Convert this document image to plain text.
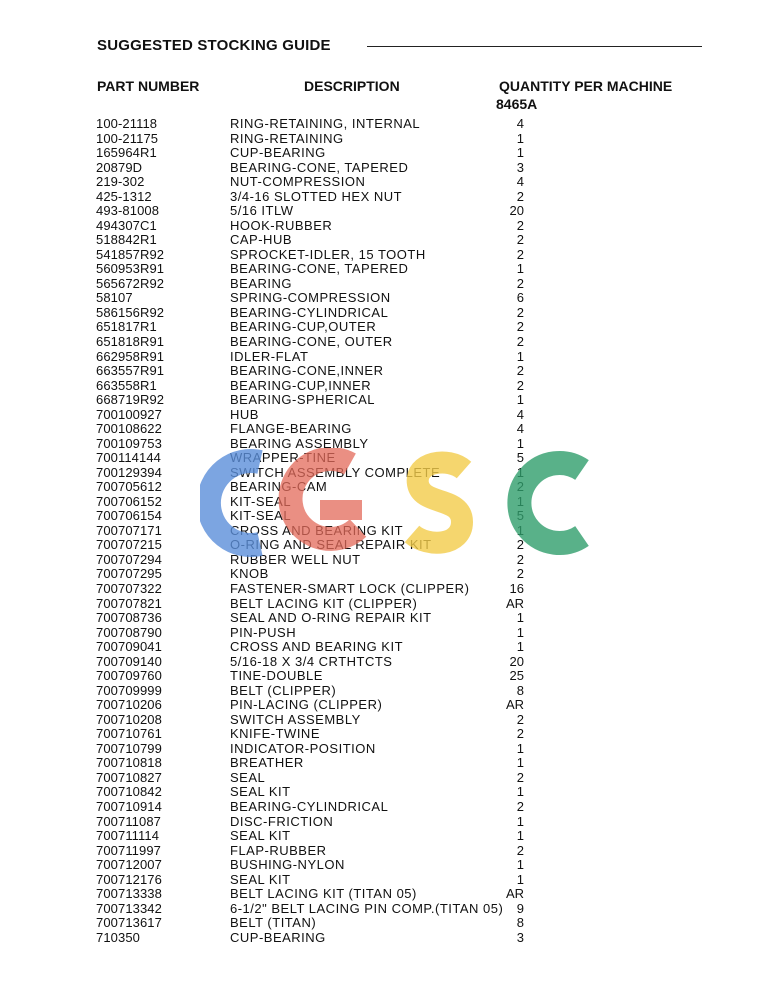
SUGGESTED STOCKING GUIDE
PART NUMBER	DESCRIPTION	QUANTITY PER MACHINE
8465A
100-21118	RING-RETAINING, INTERNAL	4
100-21175	RING-RETAINING	1
165964R1	CUP-BEARING	1
20879D	BEARING-CONE, TAPERED	3
219-302	NUT-COMPRESSION	4
425-1312	3/4-16 SLOTTED HEX NUT	2
493-81008	5/16 ITLW	20
494307C1	HOOK-RUBBER	2
518842R1	CAP-HUB	2
541857R92	SPROCKET-IDLER, 15 TOOTH	2
560953R91	BEARING-CONE, TAPERED	1
565672R92	BEARING	2
58107	SPRING-COMPRESSION	6
586156R92	BEARING-CYLINDRICAL	2
651817R1	BEARING-CUP,OUTER	2
651818R91	BEARING-CONE, OUTER	2
662958R91	IDLER-FLAT	1
663557R91	BEARING-CONE,INNER	2
663558R1	BEARING-CUP,INNER	2
668719R92	BEARING-SPHERICAL	1
700100927	HUB	4
700108622	FLANGE-BEARING	4
700109753	BEARING ASSEMBLY	1
700114144	WRAPPER-TINE	5
700129394	SWITCH ASSEMBLY COMPLETE	1
700705612	BEARING-CAM	2
700706152	KIT-SEAL	1
700706154	KIT-SEAL	5
700707171	CROSS AND BEARING KIT	1
700707215	O-RING AND SEAL REPAIR KIT	2
700707294	RUBBER WELL NUT	2
700707295	KNOB	2
700707322	FASTENER-SMART LOCK (CLIPPER)	16
700707821	BELT LACING KIT (CLIPPER)	AR
700708736	SEAL AND O-RING REPAIR KIT	1
700708790	PIN-PUSH	1
700709041	CROSS AND BEARING KIT	1
700709140	5/16-18 X 3/4 CRTHTCTS	20
700709760	TINE-DOUBLE	25
700709999	BELT (CLIPPER)	8
700710206	PIN-LACING (CLIPPER)	AR
700710208	SWITCH ASSEMBLY	2
700710761	KNIFE-TWINE	2
700710799	INDICATOR-POSITION	1
700710818	BREATHER	1
700710827	SEAL	2
700710842	SEAL KIT	1
700710914	BEARING-CYLINDRICAL	2
700711087	DISC-FRICTION	1
700711114	SEAL KIT	1
700711997	FLAP-RUBBER	2
700712007	BUSHING-NYLON	1
700712176	SEAL KIT	1
700713338	BELT LACING KIT (TITAN 05)	AR
700713342	6-1/2" BELT LACING PIN COMP.(TITAN 05)	9
700713617	BELT (TITAN)	8
710350	CUP-BEARING	3
